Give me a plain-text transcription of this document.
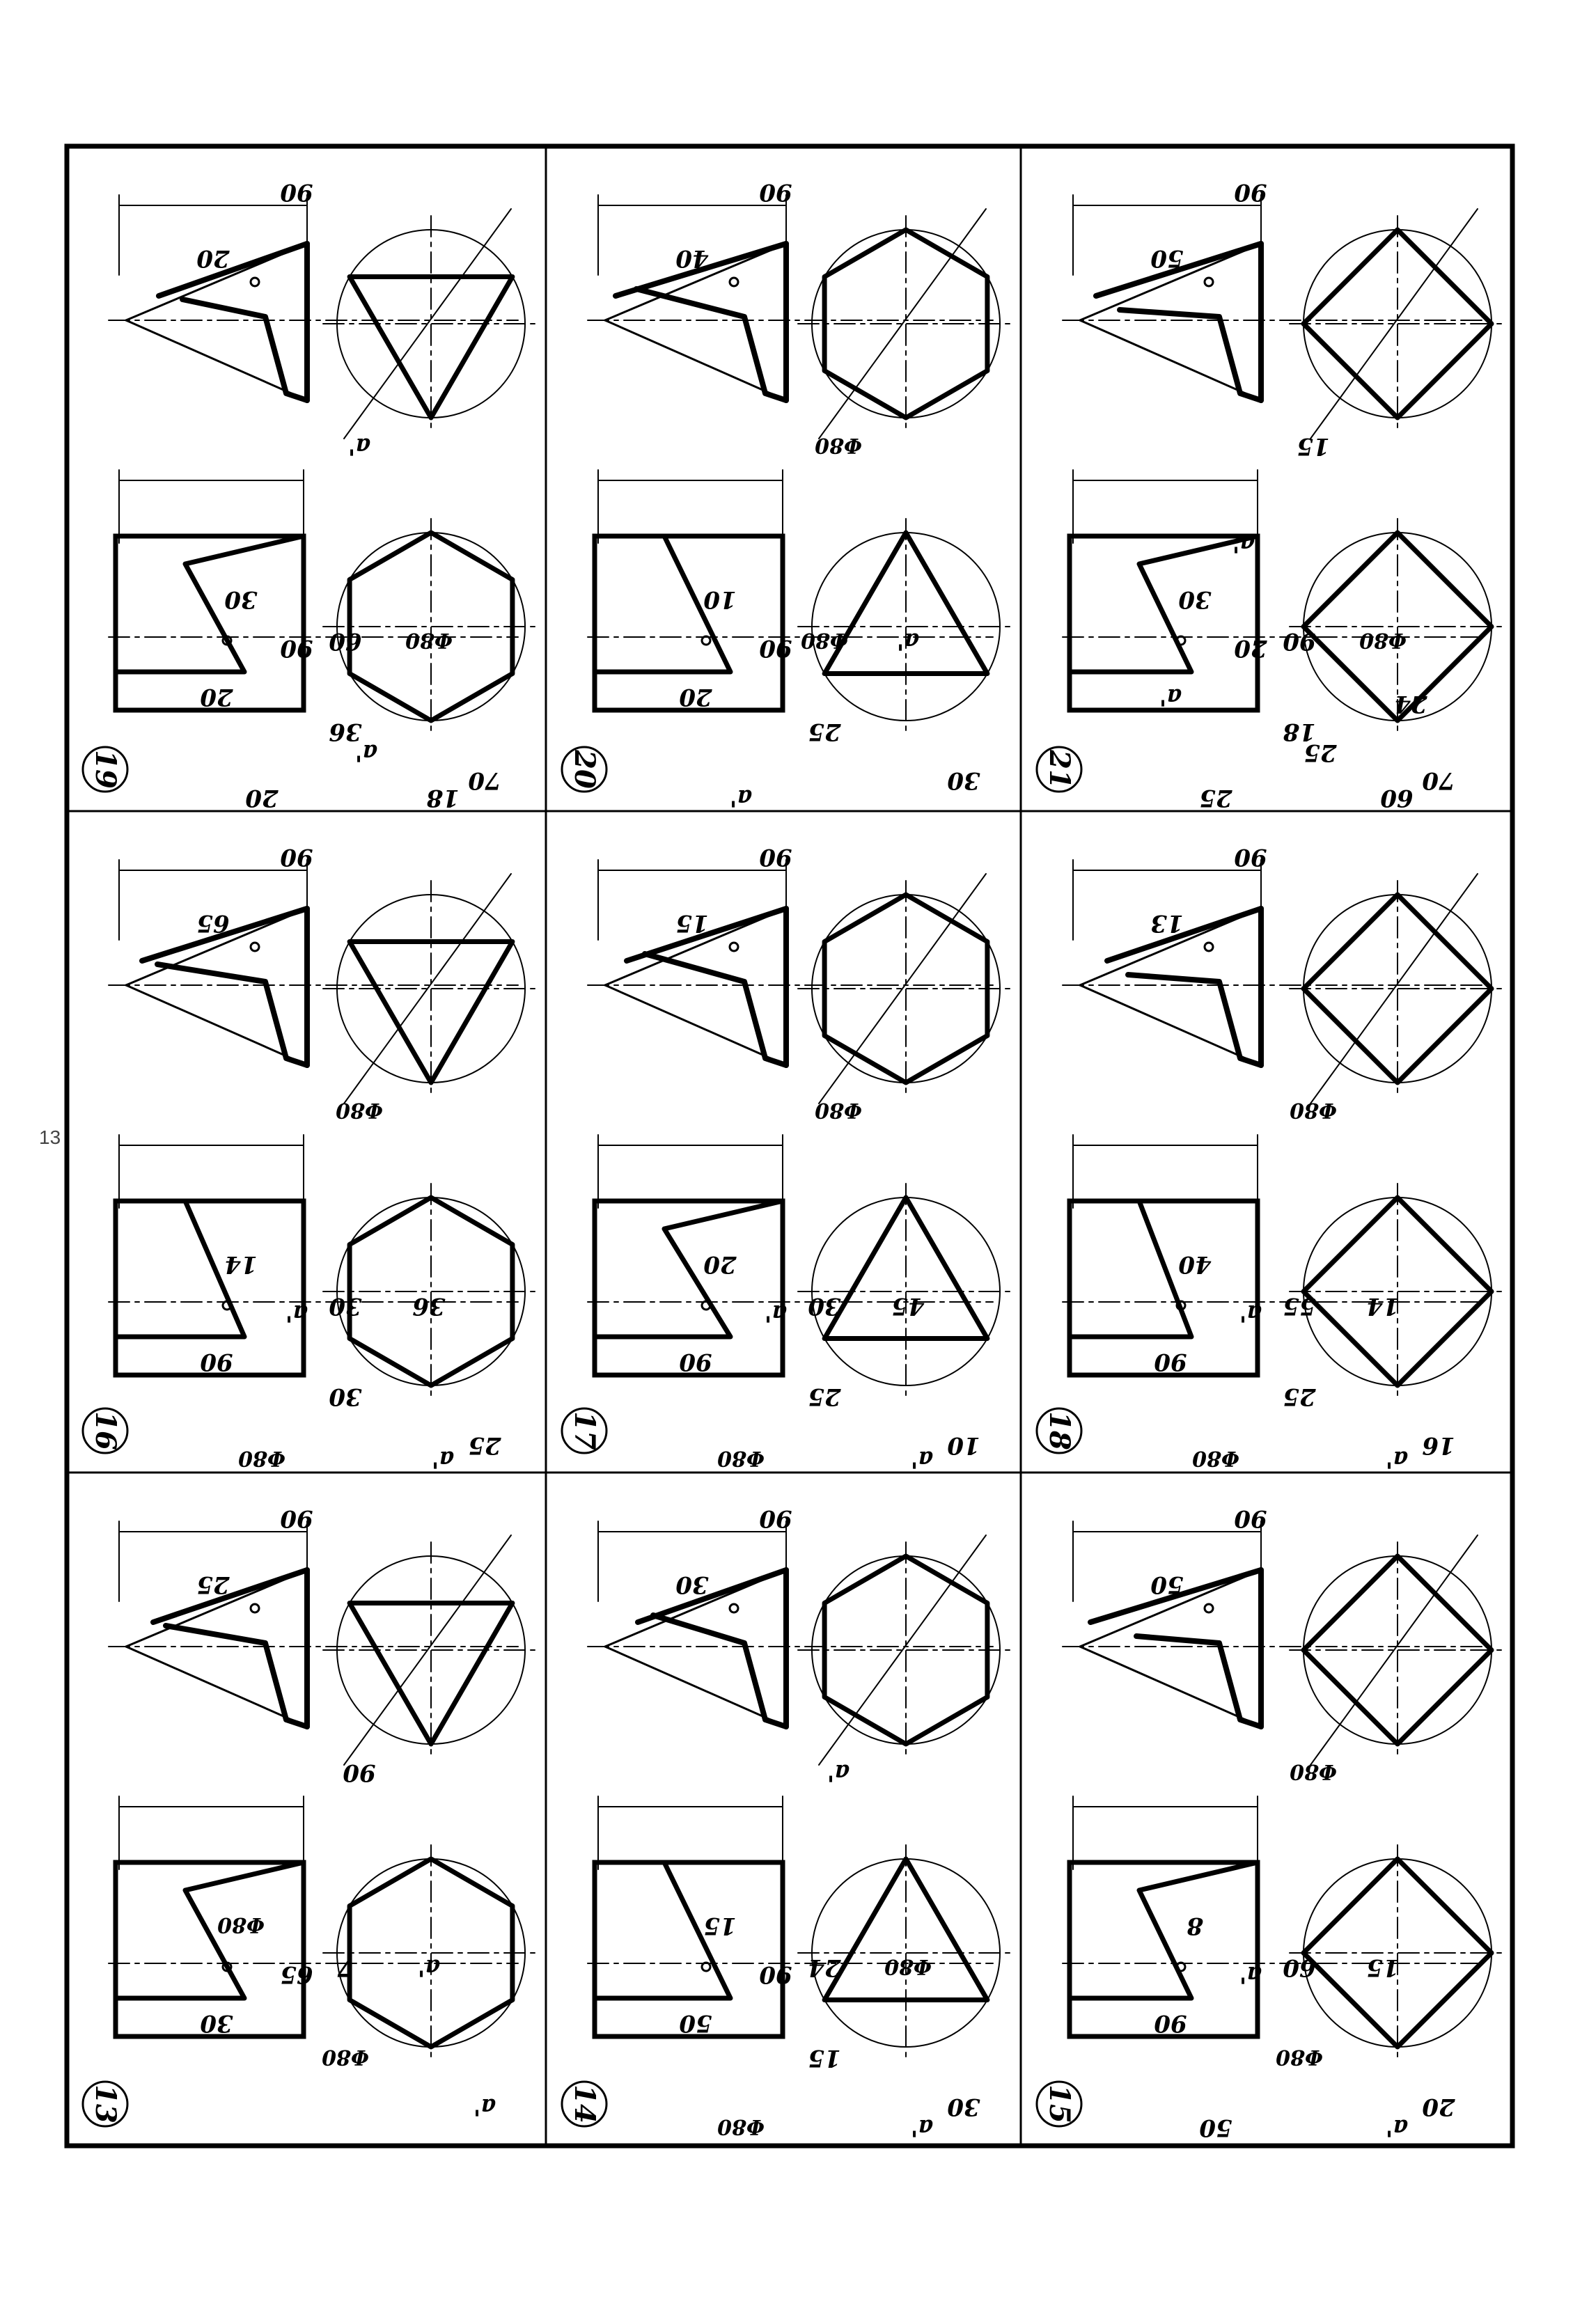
13
19
90
20
30
Φ80
a'
90
20
60
36
70
20	18
a'	20
90
40
10
a'
Φ80
90
20
Φ80
25
30
a'
21
90
50
30
Φ80
15
20
a'
90
18
70
25	60
25
24
a'
16
90
65
14
36
Φ80
a'
90
30
30
25
Φ80	a'
17
90
15
20
45
Φ80
a'
90
30
25
10
Φ80	a'
18
90
13
40
14
Φ80
a'
90
55
25
16
Φ80	a'
13
90
25
Φ80
a'
90
65
30
7
Φ80
a'	14
90
30
15
Φ80
a'
90
50
24
15
30
Φ80	a'
15
90
50
8
15
Φ80
a'
90
60
Φ80
20
50	a'
